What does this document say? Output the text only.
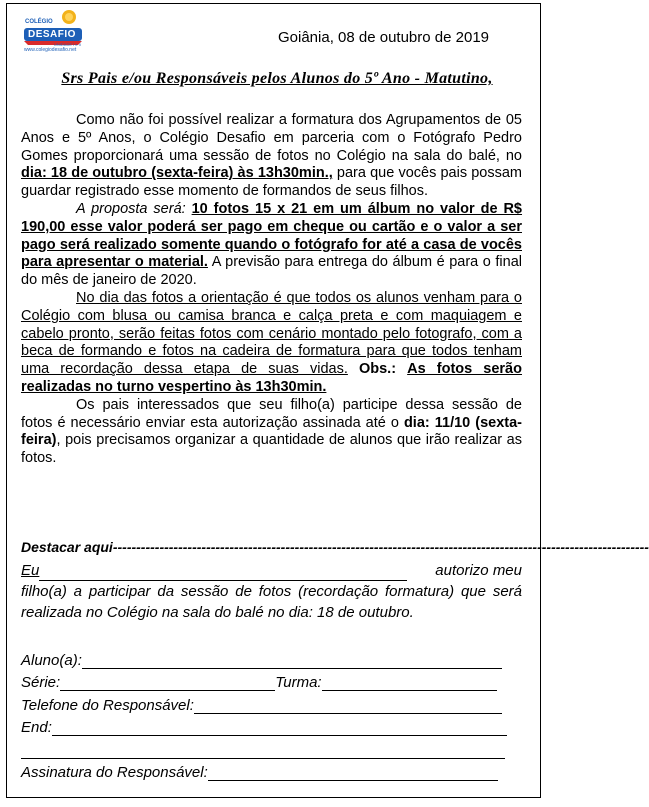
COLÉGIO
DESAFIO
UNIDADE I e II
www.colegiodesafio.net
Goiânia, 08 de outubro de 2019
Srs Pais e/ou Responsáveis pelos Alunos do 5º Ano - Matutino,

Como não foi possível realizar a formatura dos Agrupamentos de 05 Anos e 5º Anos, o Colégio Desafio em parceria com o Fotógrafo Pedro Gomes proporcionará uma sessão de fotos no Colégio na sala do balé, no dia: 18 de outubro (sexta-feira) às 13h30min., para que vocês pais possam guardar registrado esse momento de formandos de seus filhos.

A proposta será: 10 fotos 15 x 21 em um álbum no valor de R$ 190,00 esse valor poderá ser pago em cheque ou cartão e o valor a ser pago será realizado somente quando o fotógrafo for até a casa de vocês para apresentar o material. A previsão para entrega do álbum é para o final do mês de janeiro de 2020.

No dia das fotos a orientação é que todos os alunos venham para o Colégio com blusa ou camisa branca e calça preta e com maquiagem e cabelo pronto, serão feitas fotos com cenário montado pelo fotografo, com a beca de formando e fotos na cadeira de formatura para que todos tenham uma recordação dessa etapa de suas vidas. Obs.: As fotos serão realizadas no turno vespertino às 13h30min.

Os pais interessados que seu filho(a) participe dessa sessão de fotos é necessário enviar esta autorização assinada até o dia: 11/10 (sexta-feira), pois precisamos organizar a quantidade de alunos que irão realizar as fotos.

Destacar aqui-------------------------------------------------------------------------------------------------------------------
Eu	autorizo meu
filho(a) a participar da sessão de fotos (recordação formatura) que será realizada no Colégio na sala do balé no dia: 18 de outubro.
Aluno(a):
Série:	Turma:
Telefone do Responsável:
End:
Assinatura do Responsável:
